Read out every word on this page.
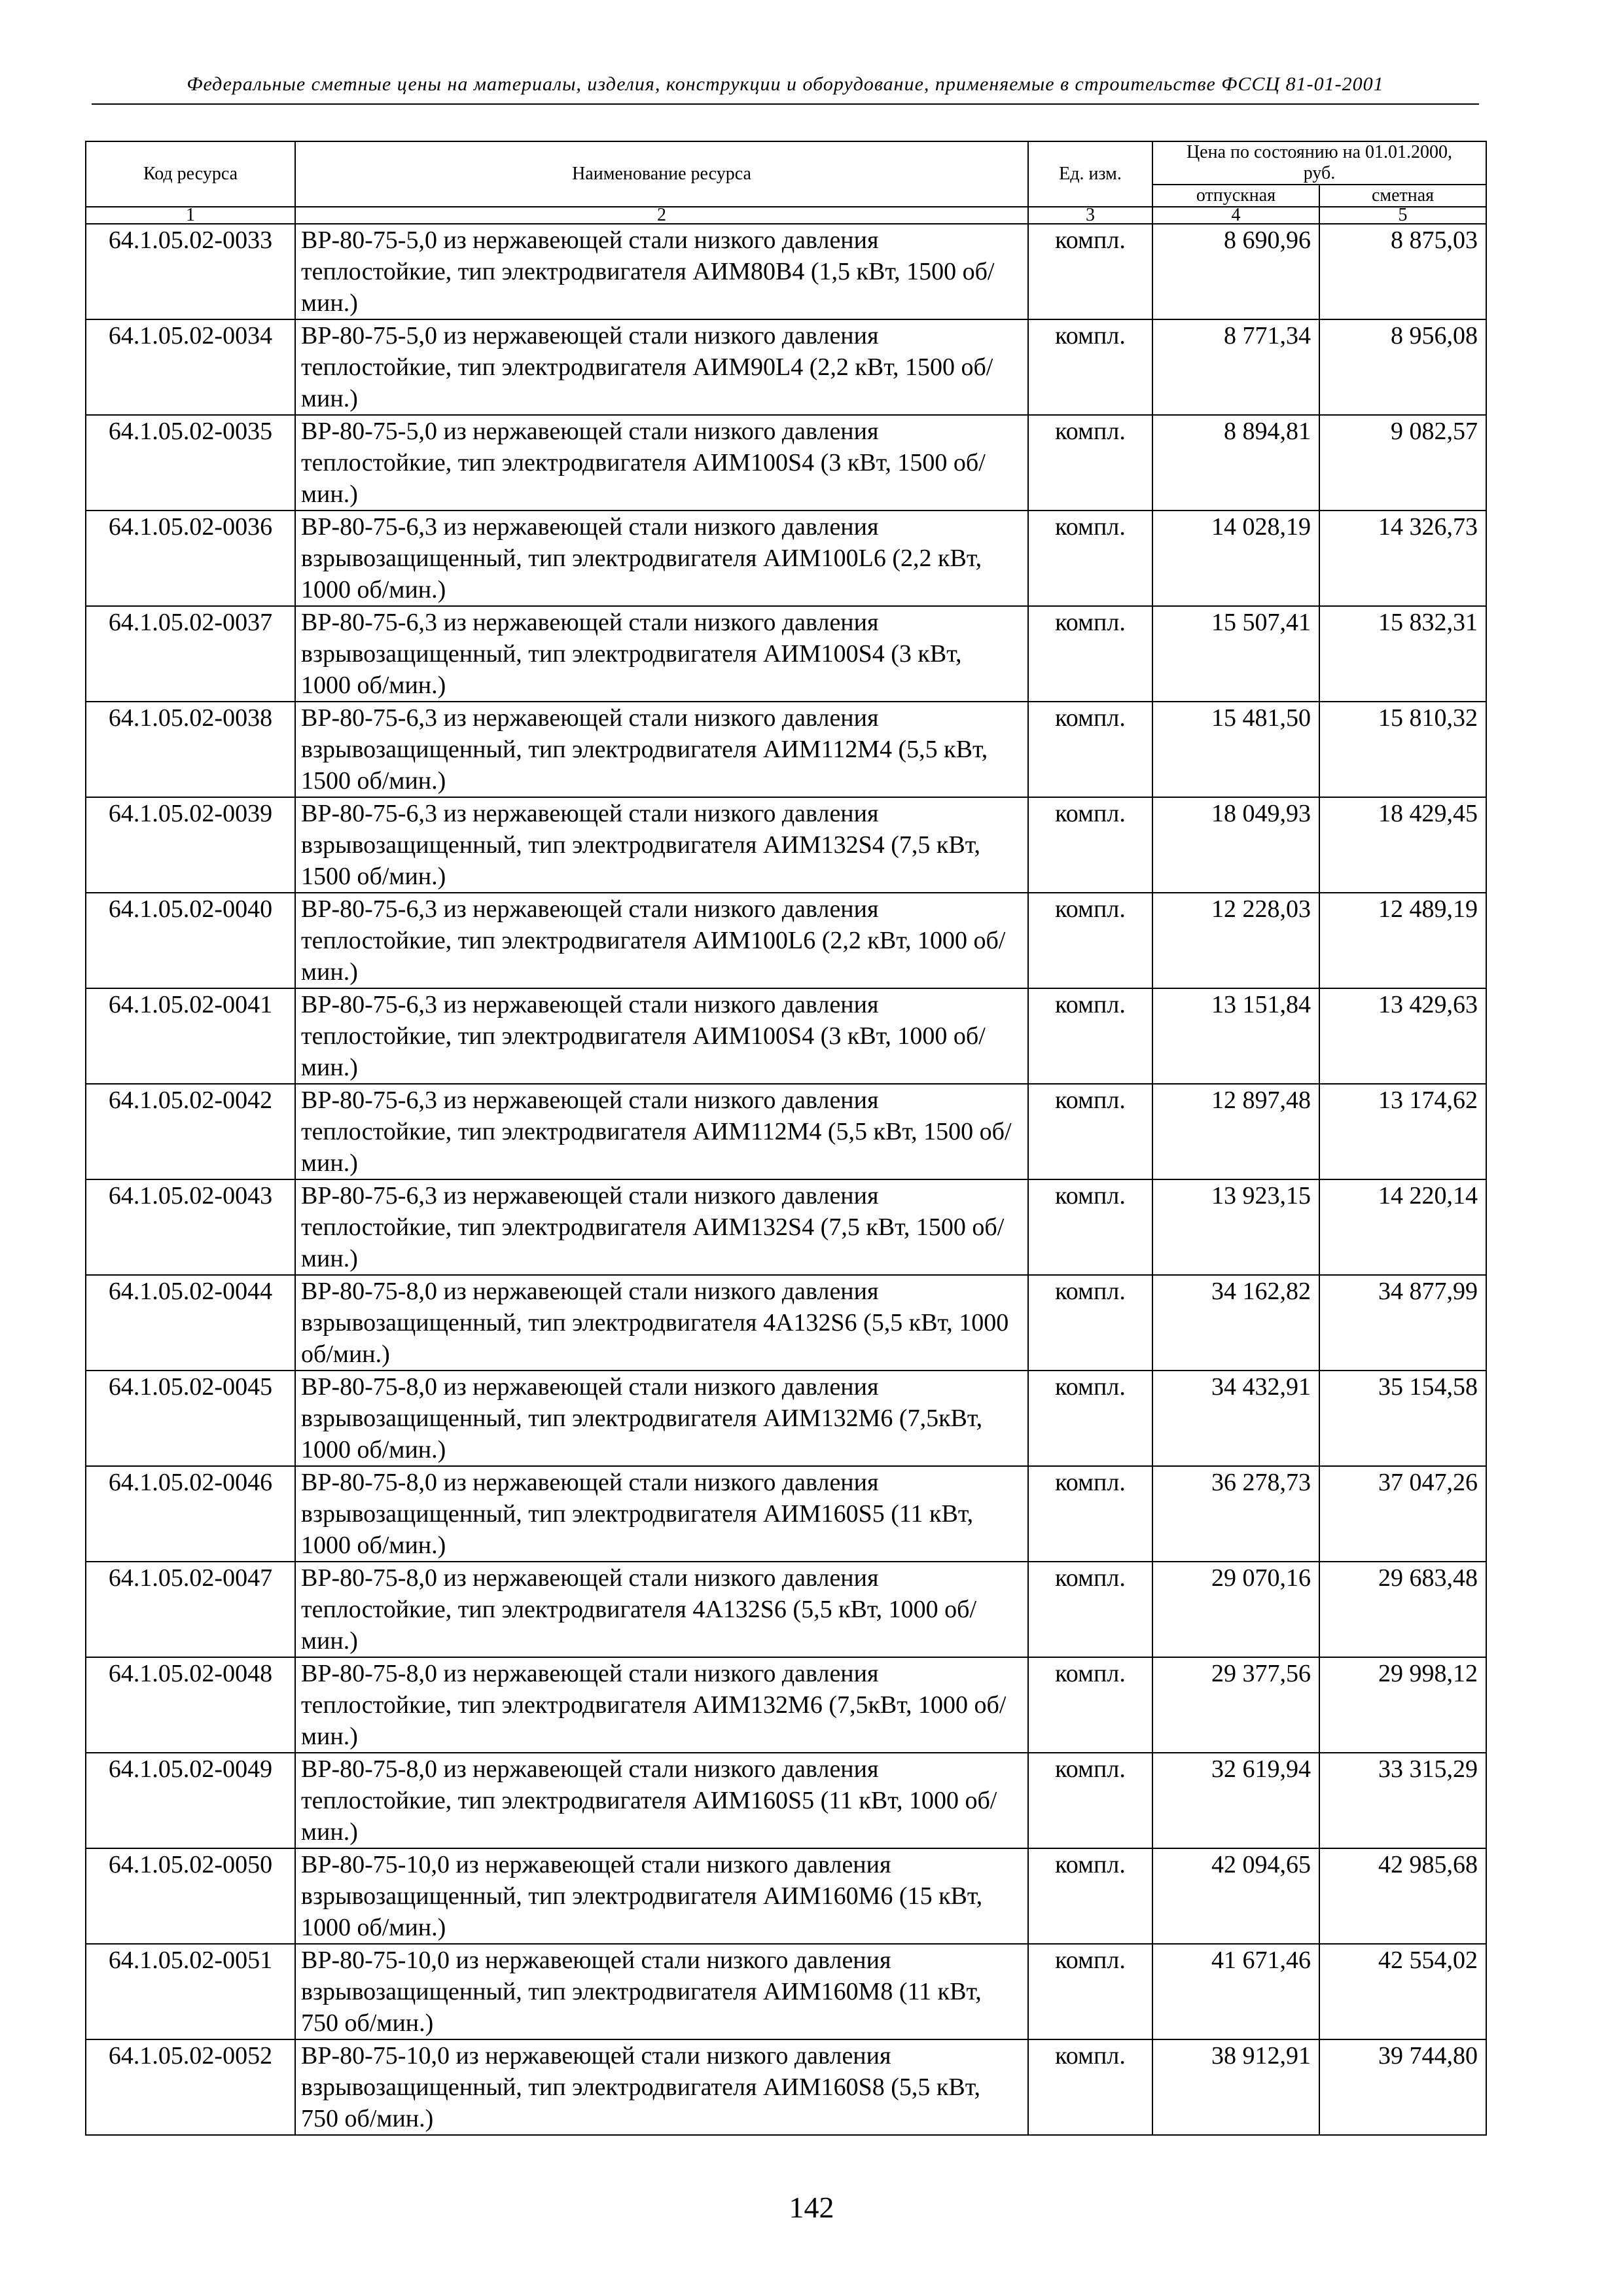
Федеральные сметные цены на материалы, изделия, конструкции и оборудование, применяемые в строительстве ФССЦ 81-01-2001
Код ресурса	Наименование ресурса	Ед. изм.	Цена по состоянию на 01.01.2000, руб.	
			отпускная	сметная
1	2	3	4	5
64.1.05.02-0033	ВР-80-75-5,0 из нержавеющей стали низкого давления теплостойкие, тип электродвигателя АИМ80В4 (1,5 кВт, 1500 об/мин.)	компл.	8 690,96	8 875,03
64.1.05.02-0034	ВР-80-75-5,0 из нержавеющей стали низкого давления теплостойкие, тип электродвигателя АИМ90L4 (2,2 кВт, 1500 об/мин.)	компл.	8 771,34	8 956,08
64.1.05.02-0035	ВР-80-75-5,0 из нержавеющей стали низкого давления теплостойкие, тип электродвигателя АИМ100S4 (3 кВт, 1500 об/мин.)	компл.	8 894,81	9 082,57
64.1.05.02-0036	ВР-80-75-6,3 из нержавеющей стали низкого давления взрывозащищенный, тип электродвигателя АИМ100L6 (2,2 кВт, 1000 об/мин.)	компл.	14 028,19	14 326,73
64.1.05.02-0037	ВР-80-75-6,3 из нержавеющей стали низкого давления взрывозащищенный, тип электродвигателя АИМ100S4 (3 кВт, 1000 об/мин.)	компл.	15 507,41	15 832,31
64.1.05.02-0038	ВР-80-75-6,3 из нержавеющей стали низкого давления взрывозащищенный, тип электродвигателя АИМ112М4 (5,5 кВт, 1500 об/мин.)	компл.	15 481,50	15 810,32
64.1.05.02-0039	ВР-80-75-6,3 из нержавеющей стали низкого давления взрывозащищенный, тип электродвигателя АИМ132S4 (7,5 кВт, 1500 об/мин.)	компл.	18 049,93	18 429,45
64.1.05.02-0040	ВР-80-75-6,3 из нержавеющей стали низкого давления теплостойкие, тип электродвигателя АИМ100L6 (2,2 кВт, 1000 об/мин.)	компл.	12 228,03	12 489,19
64.1.05.02-0041	ВР-80-75-6,3 из нержавеющей стали низкого давления теплостойкие, тип электродвигателя АИМ100S4 (3 кВт, 1000 об/мин.)	компл.	13 151,84	13 429,63
64.1.05.02-0042	ВР-80-75-6,3 из нержавеющей стали низкого давления теплостойкие, тип электродвигателя АИМ112М4 (5,5 кВт, 1500 об/мин.)	компл.	12 897,48	13 174,62
64.1.05.02-0043	ВР-80-75-6,3 из нержавеющей стали низкого давления теплостойкие, тип электродвигателя АИМ132S4 (7,5 кВт, 1500 об/мин.)	компл.	13 923,15	14 220,14
64.1.05.02-0044	ВР-80-75-8,0 из нержавеющей стали низкого давления взрывозащищенный, тип электродвигателя 4А132S6 (5,5 кВт, 1000 об/мин.)	компл.	34 162,82	34 877,99
64.1.05.02-0045	ВР-80-75-8,0 из нержавеющей стали низкого давления взрывозащищенный, тип электродвигателя АИМ132М6 (7,5кВт, 1000 об/мин.)	компл.	34 432,91	35 154,58
64.1.05.02-0046	ВР-80-75-8,0 из нержавеющей стали низкого давления взрывозащищенный, тип электродвигателя АИМ160S5 (11 кВт, 1000 об/мин.)	компл.	36 278,73	37 047,26
64.1.05.02-0047	ВР-80-75-8,0 из нержавеющей стали низкого давления теплостойкие, тип электродвигателя 4А132S6 (5,5 кВт, 1000 об/мин.)	компл.	29 070,16	29 683,48
64.1.05.02-0048	ВР-80-75-8,0 из нержавеющей стали низкого давления теплостойкие, тип электродвигателя АИМ132М6 (7,5кВт, 1000 об/мин.)	компл.	29 377,56	29 998,12
64.1.05.02-0049	ВР-80-75-8,0 из нержавеющей стали низкого давления теплостойкие, тип электродвигателя АИМ160S5 (11 кВт, 1000 об/мин.)	компл.	32 619,94	33 315,29
64.1.05.02-0050	ВР-80-75-10,0 из нержавеющей стали низкого давления взрывозащищенный, тип электродвигателя АИМ160М6 (15 кВт, 1000 об/мин.)	компл.	42 094,65	42 985,68
64.1.05.02-0051	ВР-80-75-10,0 из нержавеющей стали низкого давления взрывозащищенный, тип электродвигателя АИМ160М8 (11 кВт, 750 об/мин.)	компл.	41 671,46	42 554,02
64.1.05.02-0052	ВР-80-75-10,0 из нержавеющей стали низкого давления взрывозащищенный, тип электродвигателя АИМ160S8 (5,5 кВт, 750 об/мин.)	компл.	38 912,91	39 744,80
142
